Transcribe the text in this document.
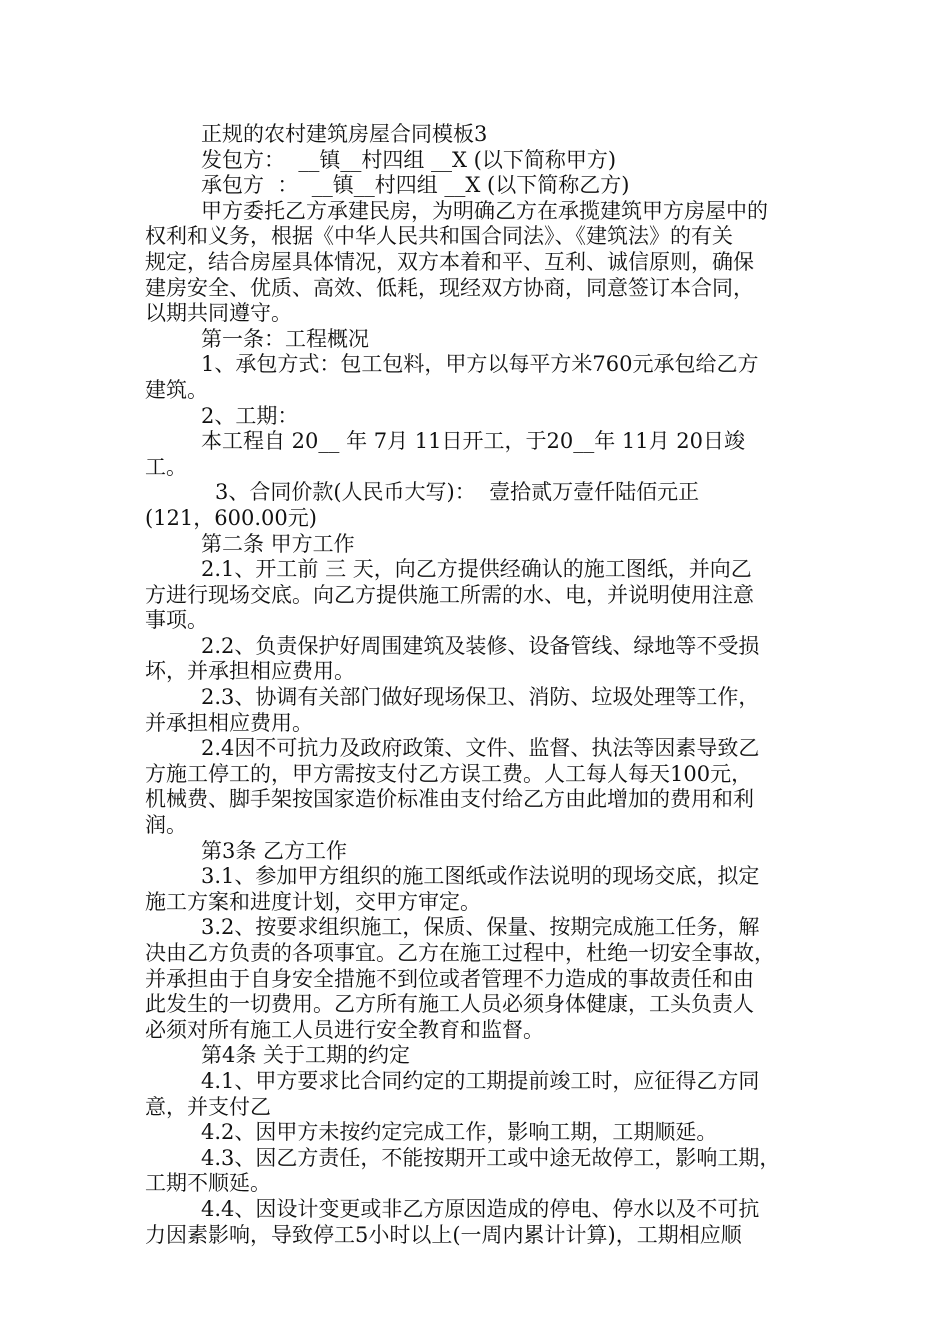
正规的农村建筑房屋合同模板3

发包方：  __镇__村四组 __X (以下简称甲方)

承包方  ：  __镇__村四组 __X (以下简称乙方)

甲方委托乙方承建民房，为明确乙方在承揽建筑甲方房屋中的

权利和义务，根据《中华人民共和国合同法》、《建筑法》的有关

规定，结合房屋具体情况，双方本着和平、互利、诚信原则，确保

建房安全、优质、高效、低耗，现经双方协商，同意签订本合同，

以期共同遵守。

第一条：工程概况

1、承包方式：包工包料，甲方以每平方米760元承包给乙方

建筑。

2、工期：

本工程自 20__ 年 7月 11日开工，于20__年 11月 20日竣

工。

3、合同价款(人民币大写)：  壹拾贰万壹仟陆佰元正

(121，600.00元)

第二条 甲方工作

2.1、开工前 三 天，向乙方提供经确认的施工图纸，并向乙

方进行现场交底。向乙方提供施工所需的水、电，并说明使用注意

事项。

2.2、负责保护好周围建筑及装修、设备管线、绿地等不受损

坏，并承担相应费用。

2.3、协调有关部门做好现场保卫、消防、垃圾处理等工作，

并承担相应费用。

2.4因不可抗力及政府政策、文件、监督、执法等因素导致乙

方施工停工的，甲方需按支付乙方误工费。人工每人每天100元，

机械费、脚手架按国家造价标准由支付给乙方由此增加的费用和利

润。

第3条 乙方工作

3.1、参加甲方组织的施工图纸或作法说明的现场交底，拟定

施工方案和进度计划，交甲方审定。

3.2、按要求组织施工，保质、保量、按期完成施工任务，解

决由乙方负责的各项事宜。乙方在施工过程中，杜绝一切安全事故，

并承担由于自身安全措施不到位或者管理不力造成的事故责任和由

此发生的一切费用。乙方所有施工人员必须身体健康，工头负责人

必须对所有施工人员进行安全教育和监督。

第4条 关于工期的约定

4.1、甲方要求比合同约定的工期提前竣工时，应征得乙方同

意，并支付乙

4.2、因甲方未按约定完成工作，影响工期，工期顺延。

4.3、因乙方责任，不能按期开工或中途无故停工，影响工期，

工期不顺延。

4.4、因设计变更或非乙方原因造成的停电、停水以及不可抗

力因素影响，导致停工5小时以上(一周内累计计算)，工期相应顺
